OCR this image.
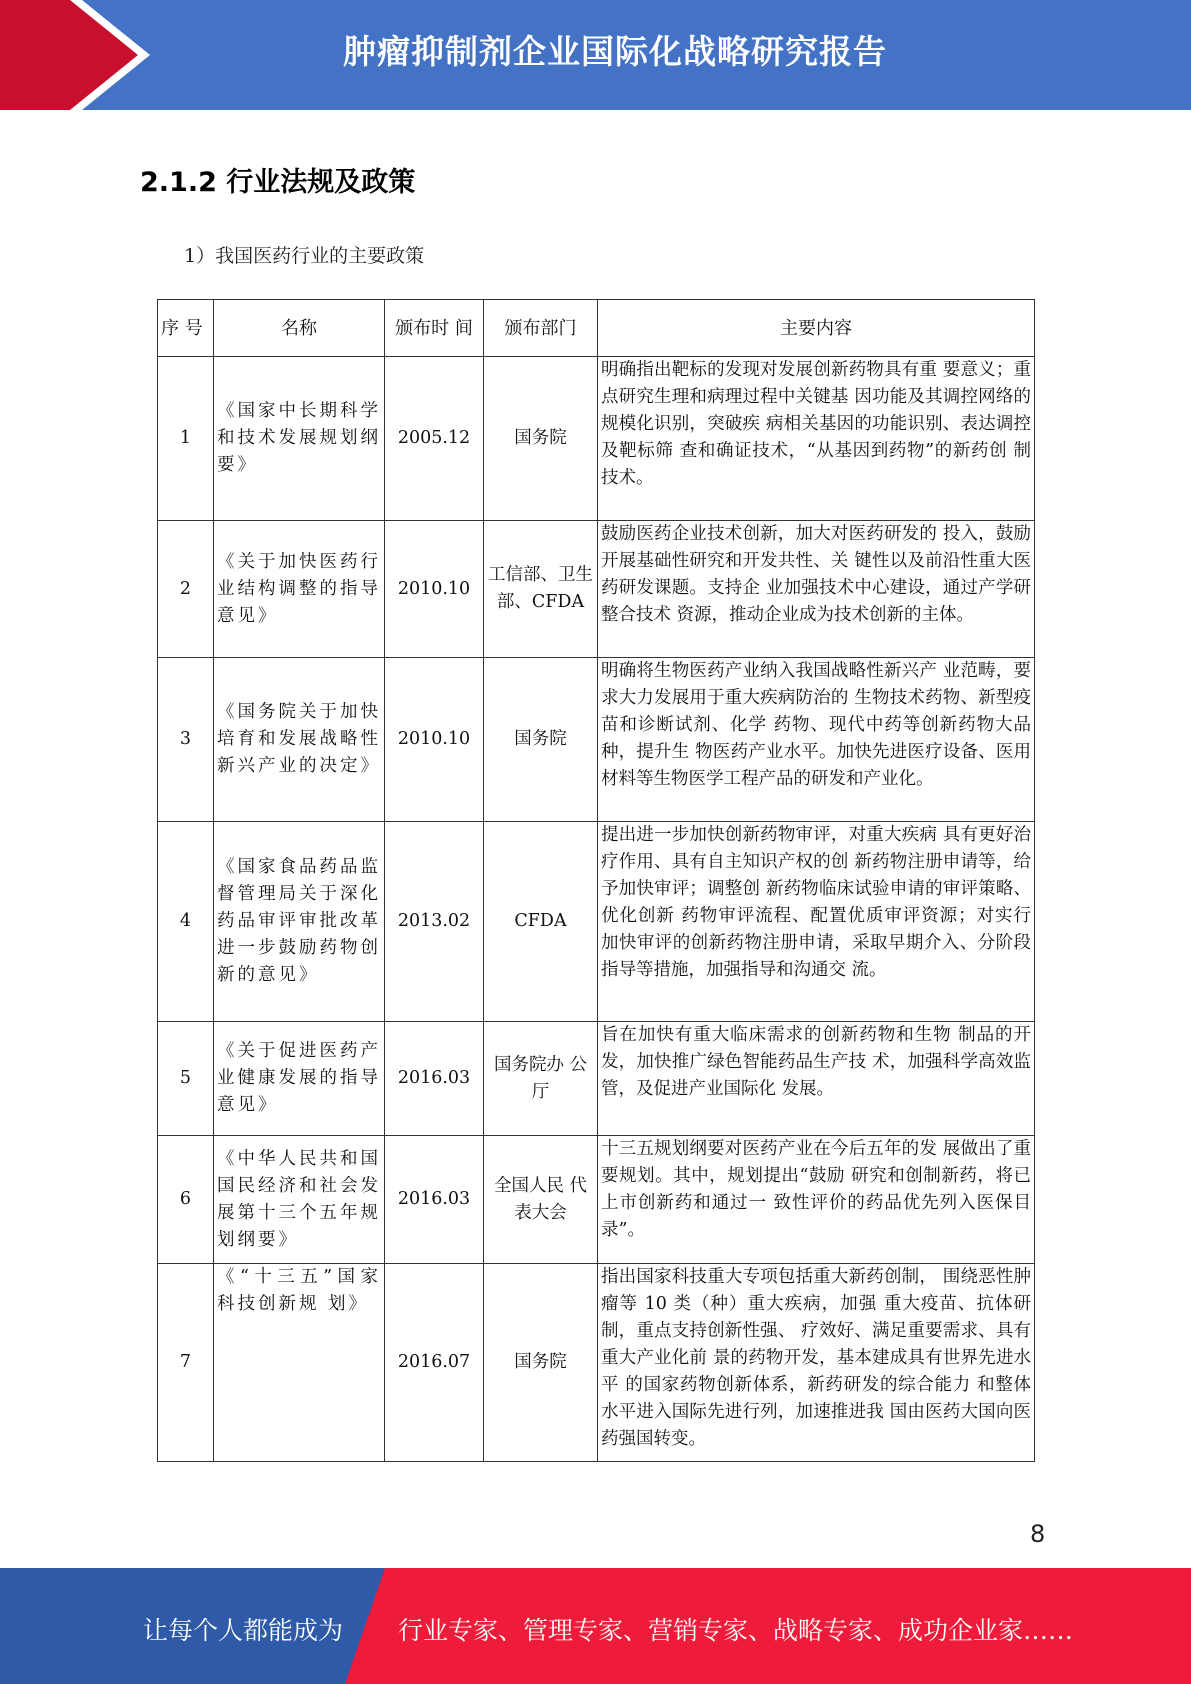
肿瘤抑制剂企业国际化战略研究报告
2.1.2 行业法规及政策
1）我国医药行业的主要政策
序 号	名称	颁布时 间	颁布部门	主要内容
1	《国家中长期科学和技术发展规划纲要》	2005.12	国务院	明确指出靶标的发现对发展创新药物具有重 要意义；重点研究生理和病理过程中关键基 因功能及其调控网络的规模化识别，突破疾 病相关基因的功能识别、表达调控及靶标筛 查和确证技术，“从基因到药物”的新药创 制技术。
2	《关于加快医药行业结构调整的指导意见》	2010.10	工信部、卫生部、CFDA	鼓励医药企业技术创新，加大对医药研发的 投入，鼓励开展基础性研究和开发共性、关 键性以及前沿性重大医药研发课题。支持企 业加强技术中心建设，通过产学研整合技术 资源，推动企业成为技术创新的主体。
3	《国务院关于加快培育和发展战略性新兴产业的决定》	2010.10	国务院	明确将生物医药产业纳入我国战略性新兴产 业范畴，要求大力发展用于重大疾病防治的 生物技术药物、新型疫苗和诊断试剂、化学 药物、现代中药等创新药物大品种，提升生 物医药产业水平。加快先进医疗设备、医用 材料等生物医学工程产品的研发和产业化。
4	《国家食品药品监督管理局关于深化药品审评审批改革进一步鼓励药物创新的意见》	2013.02	CFDA	提出进一步加快创新药物审评，对重大疾病 具有更好治疗作用、具有自主知识产权的创 新药物注册申请等，给予加快审评；调整创 新药物临床试验申请的审评策略、优化创新 药物审评流程、配置优质审评资源；对实行 加快审评的创新药物注册申请，采取早期介入、分阶段指导等措施，加强指导和沟通交 流。
5	《关于促进医药产业健康发展的指导意见》	2016.03	国务院办 公厅	旨在加快有重大临床需求的创新药物和生物 制品的开发，加快推广绿色智能药品生产技 术，加强科学高效监管，及促进产业国际化 发展。
6	《中华人民共和国国民经济和社会发展第十三个五年规划纲要》	2016.03	全国人民 代表大会	十三五规划纲要对医药产业在今后五年的发 展做出了重要规划。其中，规划提出“鼓励 研究和创制新药，将已上市创新药和通过一 致性评价的药品优先列入医保目录”。
7	《“十三五”国家科技创新规 划》	2016.07	国务院	指出国家科技重大专项包括重大新药创制， 围绕恶性肿瘤等 10 类（种）重大疾病，加强 重大疫苗、抗体研制，重点支持创新性强、 疗效好、满足重要需求、具有重大产业化前 景的药物开发，基本建成具有世界先进水平 的国家药物创新体系，新药研发的综合能力 和整体水平进入国际先进行列，加速推进我 国由医药大国向医药强国转变。
8
让每个人都能成为 行业专家、管理专家、营销专家、战略专家、成功企业家……
